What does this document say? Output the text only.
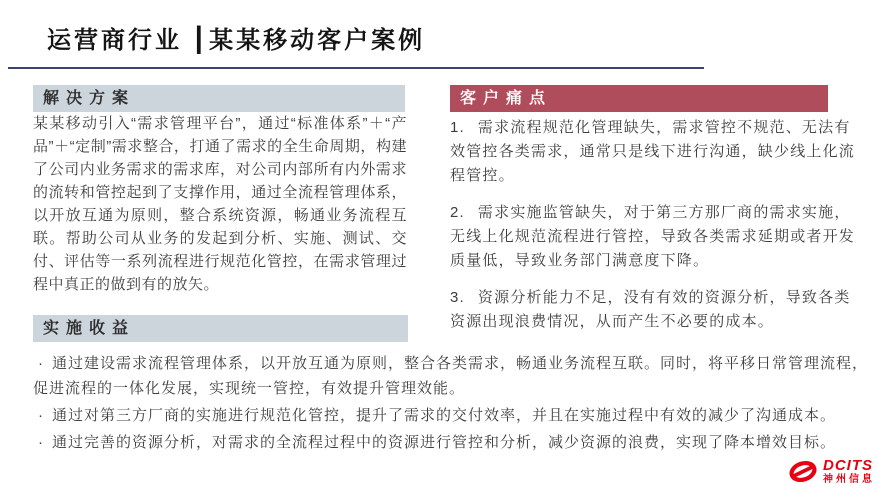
运营商行业 ┃某某移动客户案例
解决方案

某某移动引入“需求管理平台”，通过“标准体系”＋“产品”＋“定制”需求整合，打通了需求的全生命周期，构建了公司内业务需求的需求库，对公司内部所有内外需求的流转和管控起到了支撑作用，通过全流程管理体系，以开放互通为原则，整合系统资源，畅通业务流程互联。帮助公司从业务的发起到分析、实施、测试、交付、评估等一系列流程进行规范化管控，在需求管理过程中真正的做到有的放矢。

客户痛点

1. 需求流程规范化管理缺失，需求管控不规范、无法有效管控各类需求，通常只是线下进行沟通，缺少线上化流程管控。

2. 需求实施监管缺失，对于第三方那厂商的需求实施，无线上化规范流程进行管控，导致各类需求延期或者开发质量低，导致业务部门满意度下降。

3. 资源分析能力不足，没有有效的资源分析，导致各类资源出现浪费情况，从而产生不必要的成本。

实施收益

· 通过建设需求流程管理体系，以开放互通为原则，整合各类需求，畅通业务流程互联。同时，将平移日常管理流程，促进流程的一体化发展，实现统一管控，有效提升管理效能。

· 通过对第三方厂商的实施进行规范化管控，提升了需求的交付效率，并且在实施过程中有效的减少了沟通成本。

· 通过完善的资源分析，对需求的全流程过程中的资源进行管控和分析，减少资源的浪费，实现了降本增效目标。

DCITS
神州信息
